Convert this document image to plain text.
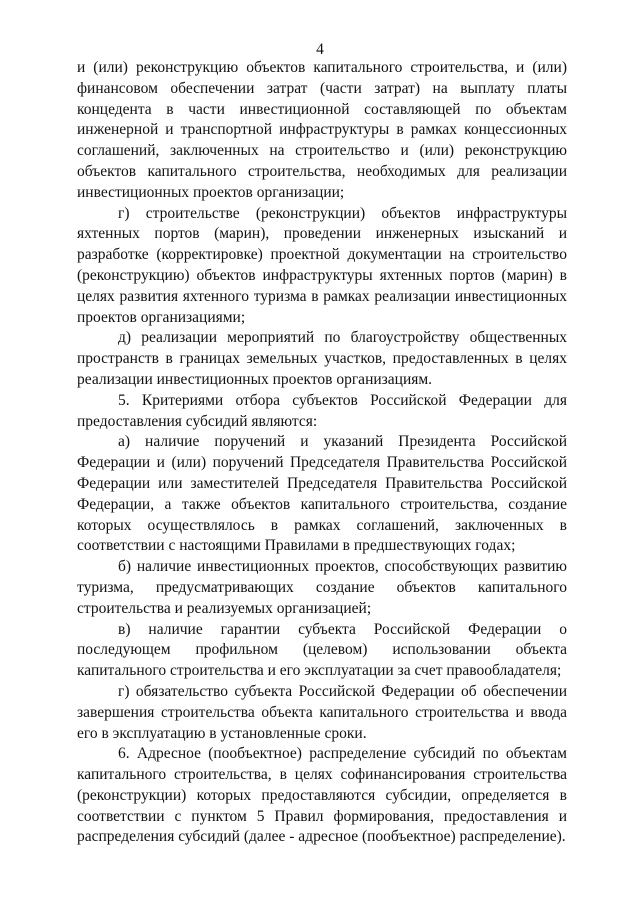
4

и (или) реконструкцию объектов капитального строительства, и (или) финансовом обеспечении затрат (части затрат) на выплату платы концедента в части инвестиционной составляющей по объектам инженерной и транспортной инфраструктуры в рамках концессионных соглашений, заключенных на строительство и (или) реконструкцию объектов капитального строительства, необходимых для реализации инвестиционных проектов организации;

г) строительстве (реконструкции) объектов инфраструктуры яхтенных портов (марин), проведении инженерных изысканий и разработке (корректировке) проектной документации на строительство (реконструкцию) объектов инфраструктуры яхтенных портов (марин) в целях развития яхтенного туризма в рамках реализации инвестиционных проектов организациями;

д) реализации мероприятий по благоустройству общественных пространств в границах земельных участков, предоставленных в целях реализации инвестиционных проектов организациям.

5. Критериями отбора субъектов Российской Федерации для предоставления субсидий являются:

а) наличие поручений и указаний Президента Российской Федерации и (или) поручений Председателя Правительства Российской Федерации или заместителей Председателя Правительства Российской Федерации, а также объектов капитального строительства, создание которых осуществлялось в рамках соглашений, заключенных в соответствии с настоящими Правилами в предшествующих годах;

б) наличие инвестиционных проектов, способствующих развитию туризма, предусматривающих создание объектов капитального строительства и реализуемых организацией;

в) наличие гарантии субъекта Российской Федерации о последующем профильном (целевом) использовании объекта капитального строительства и его эксплуатации за счет правообладателя;

г) обязательство субъекта Российской Федерации об обеспечении завершения строительства объекта капитального строительства и ввода его в эксплуатацию в установленные сроки.

6. Адресное (пообъектное) распределение субсидий по объектам капитального строительства, в целях софинансирования строительства (реконструкции) которых предоставляются субсидии, определяется в соответствии с пунктом 5 Правил формирования, предоставления и распределения субсидий (далее - адресное (пообъектное) распределение).
